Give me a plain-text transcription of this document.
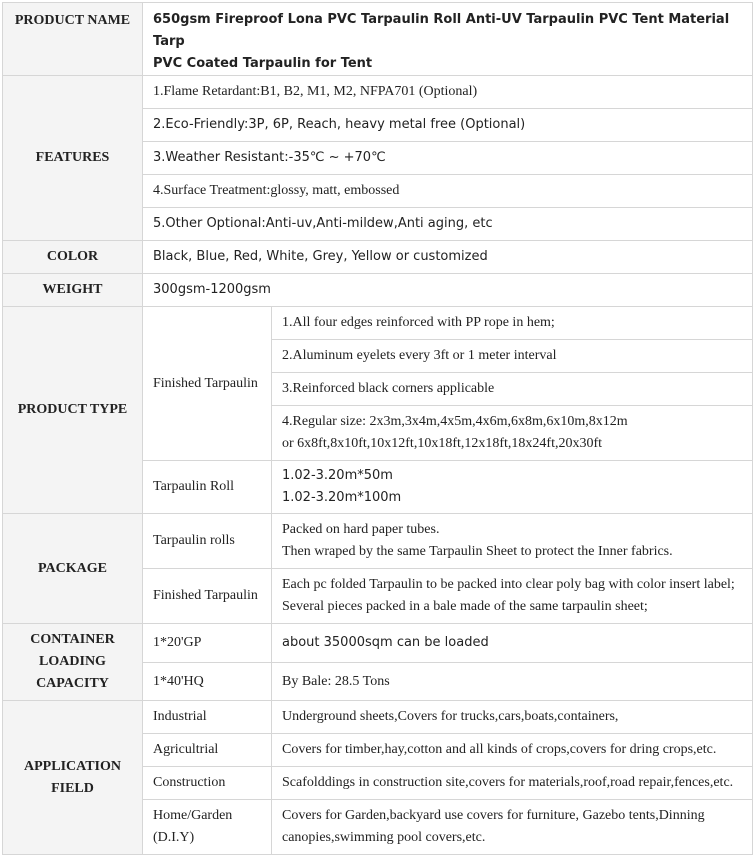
PRODUCT NAME	650gsm Fireproof Lona PVC Tarpaulin Roll Anti-UV Tarpaulin PVC Tent Material Tarp
PVC Coated Tarpaulin for Tent	

FEATURES	1.Flame Retardant:B1, B2, M1, M2, NFPA701 (Optional)	
	2.Eco-Friendly:3P, 6P, Reach, heavy metal free (Optional)	
	3.Weather Resistant:-35℃ ~ +70℃	
	4.Surface Treatment:glossy, matt, embossed	
	5.Other Optional:Anti-uv,Anti-mildew,Anti aging, etc	
COLOR	Black, Blue, Red, White, Grey, Yellow or customized	
WEIGHT	300gsm-1200gsm	
PRODUCT TYPE	Finished Tarpaulin	1.All four edges reinforced with PP rope in hem;
		2.Aluminum eyelets every 3ft or 1 meter interval
		3.Reinforced black corners applicable

		4.Regular size: 2x3m,3x4m,4x5m,4x6m,6x8m,6x10m,8x12m
or 6x8ft,8x10ft,10x12ft,10x18ft,12x18ft,18x24ft,20x30ft

	Tarpaulin Roll	1.02-3.20m*50m
1.02-3.20m*100m

PACKAGE	Tarpaulin rolls	Packed on hard paper tubes.
Then wraped by the same Tarpaulin Sheet to protect the Inner fabrics.

	Finished Tarpaulin	Each pc folded Tarpaulin to be packed into clear poly bag with color insert label;
Several pieces packed in a bale made of the same tarpaulin sheet;

CONTAINER
LOADING
CAPACITY	1*20'GP	about 35000sqm can be loaded
	1*40'HQ	By Bale: 28.5 Tons

APPLICATION
FIELD	Industrial	Underground sheets,Covers for trucks,cars,boats,containers,
	Agricultrial	Covers for timber,hay,cotton and all kinds of crops,covers for dring crops,etc.
	Construction	Scafolddings in construction site,covers for materials,roof,road repair,fences,etc.

	Home/Garden
(D.I.Y)	Covers for Garden,backyard use covers for furniture, Gazebo tents,Dinning
canopies,swimming pool covers,etc.
